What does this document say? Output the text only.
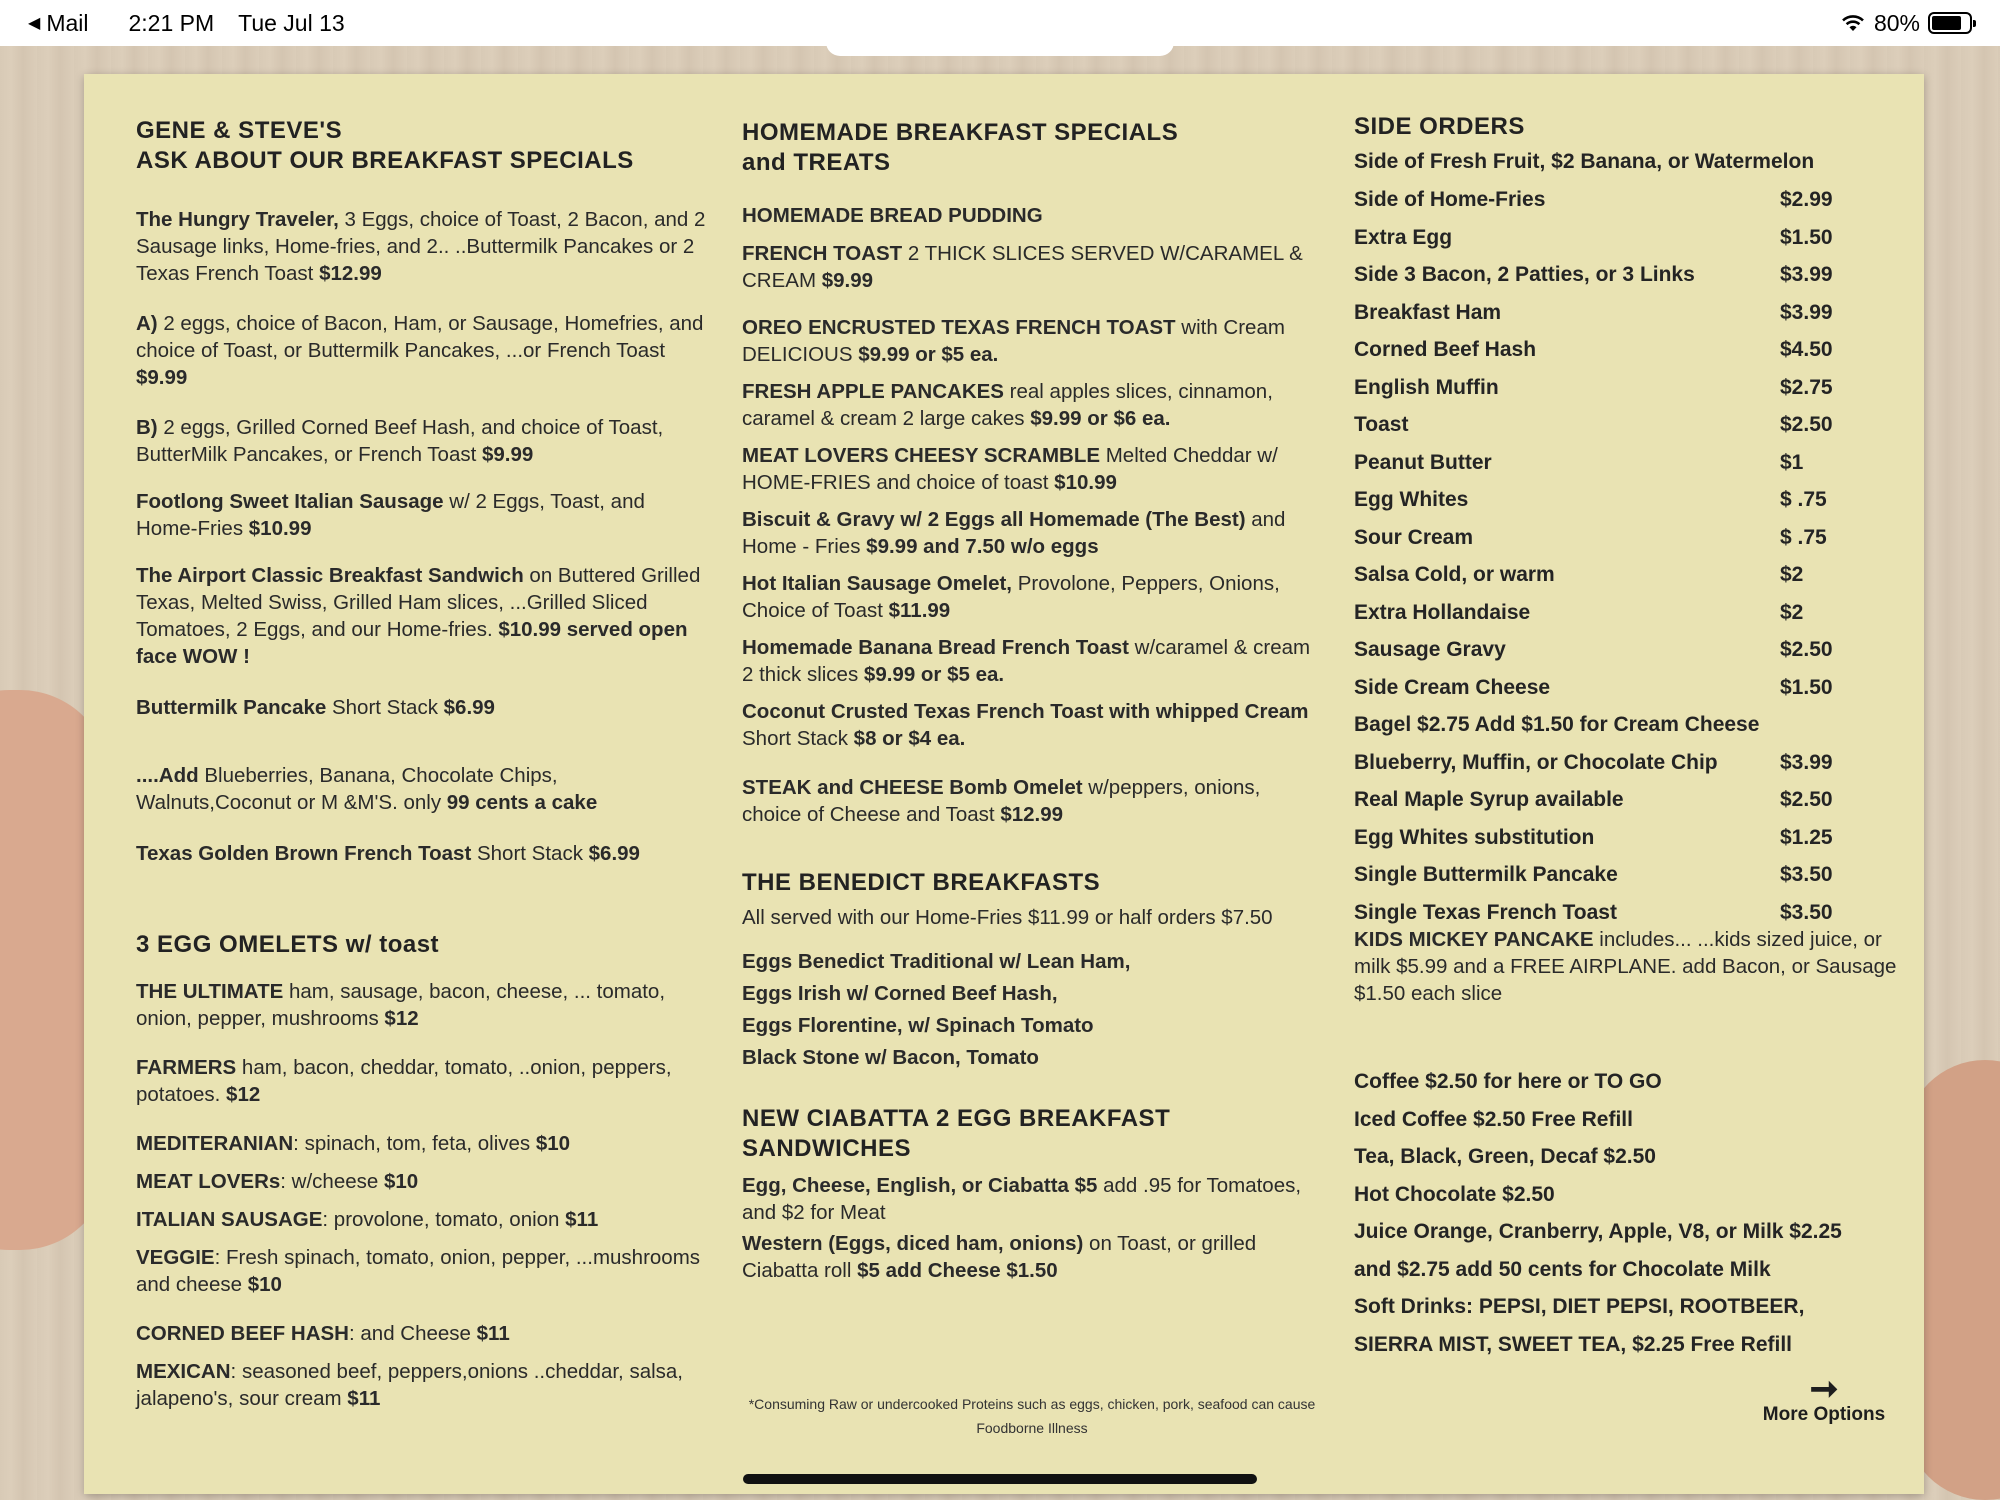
◀ Mail 2:21 PM Tue Jul 13	80%
GENE & STEVE'S
ASK ABOUT OUR BREAKFAST SPECIALS
The Hungry Traveler, 3 Eggs, choice of Toast, 2 Bacon, and 2 Sausage links, Home-fries, and 2.. ..Buttermilk Pancakes or 2 Texas French Toast $12.99
A) 2 eggs, choice of Bacon, Ham, or Sausage, Homefries, and choice of Toast, or Buttermilk Pancakes, ...or French Toast $9.99
B) 2 eggs, Grilled Corned Beef Hash, and choice of Toast, ButterMilk Pancakes, or French Toast $9.99
Footlong Sweet Italian Sausage w/ 2 Eggs, Toast, and Home-Fries $10.99
The Airport Classic Breakfast Sandwich on Buttered Grilled Texas, Melted Swiss, Grilled Ham slices, ...Grilled Sliced Tomatoes, 2 Eggs, and our Home-fries. $10.99 served open face WOW !
Buttermilk Pancake Short Stack $6.99
....Add Blueberries, Banana, Chocolate Chips, Walnuts,Coconut or M &M'S. only 99 cents a cake
Texas Golden Brown French Toast Short Stack $6.99
3 EGG OMELETS w/ toast
THE ULTIMATE ham, sausage, bacon, cheese, ... tomato, onion, pepper, mushrooms $12
FARMERS ham, bacon, cheddar, tomato, ..onion, peppers, potatoes. $12
MEDITERANIAN: spinach, tom, feta, olives $10
MEAT LOVERs: w/cheese $10
ITALIAN SAUSAGE: provolone, tomato, onion $11
VEGGIE: Fresh spinach, tomato, onion, pepper, ...mushrooms and cheese $10
CORNED BEEF HASH: and Cheese $11
MEXICAN: seasoned beef, peppers,onions ..cheddar, salsa, jalapeno's, sour cream $11
HOMEMADE BREAKFAST SPECIALS
and TREATS
HOMEMADE BREAD PUDDING
FRENCH TOAST 2 THICK SLICES SERVED W/CARAMEL & CREAM $9.99
OREO ENCRUSTED TEXAS FRENCH TOAST with Cream DELICIOUS $9.99 or $5 ea.
FRESH APPLE PANCAKES real apples slices, cinnamon, caramel & cream 2 large cakes $9.99 or $6 ea.
MEAT LOVERS CHEESY SCRAMBLE Melted Cheddar w/ HOME-FRIES and choice of toast $10.99
Biscuit & Gravy w/ 2 Eggs all Homemade (The Best) and Home - Fries $9.99 and 7.50 w/o eggs
Hot Italian Sausage Omelet, Provolone, Peppers, Onions, Choice of Toast $11.99
Homemade Banana Bread French Toast w/caramel & cream 2 thick slices $9.99 or $5 ea.
Coconut Crusted Texas French Toast with whipped Cream Short Stack $8 or $4 ea.
STEAK and CHEESE Bomb Omelet w/peppers, onions, choice of Cheese and Toast $12.99
THE BENEDICT BREAKFASTS
All served with our Home-Fries $11.99 or half orders $7.50
Eggs Benedict Traditional w/ Lean Ham,
Eggs Irish w/ Corned Beef Hash,
Eggs Florentine, w/ Spinach Tomato
Black Stone w/ Bacon, Tomato
NEW CIABATTA 2 EGG BREAKFAST
SANDWICHES
Egg, Cheese, English, or Ciabatta $5 add .95 for Tomatoes, and $2 for Meat
Western (Eggs, diced ham, onions) on Toast, or grilled Ciabatta roll $5 add Cheese $1.50
*Consuming Raw or undercooked Proteins such as eggs, chicken, pork, seafood can cause Foodborne Illness
SIDE ORDERS
Side of Fresh Fruit, $2 Banana, or Watermelon
Side of Home-Fries	$2.99
Extra Egg	$1.50
Side 3 Bacon, 2 Patties, or 3 Links	$3.99
Breakfast Ham	$3.99
Corned Beef Hash	$4.50
English Muffin	$2.75
Toast	$2.50
Peanut Butter	$1
Egg Whites	$ .75
Sour Cream	$ .75
Salsa Cold, or warm	$2
Extra Hollandaise	$2
Sausage Gravy	$2.50
Side Cream Cheese	$1.50
Bagel $2.75 Add $1.50 for Cream Cheese
Blueberry, Muffin, or Chocolate Chip	$3.99
Real Maple Syrup available	$2.50
Egg Whites substitution	$1.25
Single Buttermilk Pancake	$3.50
Single Texas French Toast	$3.50
KIDS MICKEY PANCAKE includes... ...kids sized juice, or milk $5.99 and a FREE AIRPLANE. add Bacon, or Sausage $1.50 each slice
Coffee $2.50 for here or TO GO
Iced Coffee $2.50 Free Refill
Tea, Black, Green, Decaf $2.50
Hot Chocolate $2.50
Juice Orange, Cranberry, Apple, V8, or Milk $2.25
and $2.75 add 50 cents for Chocolate Milk
Soft Drinks: PEPSI, DIET PEPSI, ROOTBEER,
SIERRA MIST, SWEET TEA, $2.25 Free Refill
➞
More Options
